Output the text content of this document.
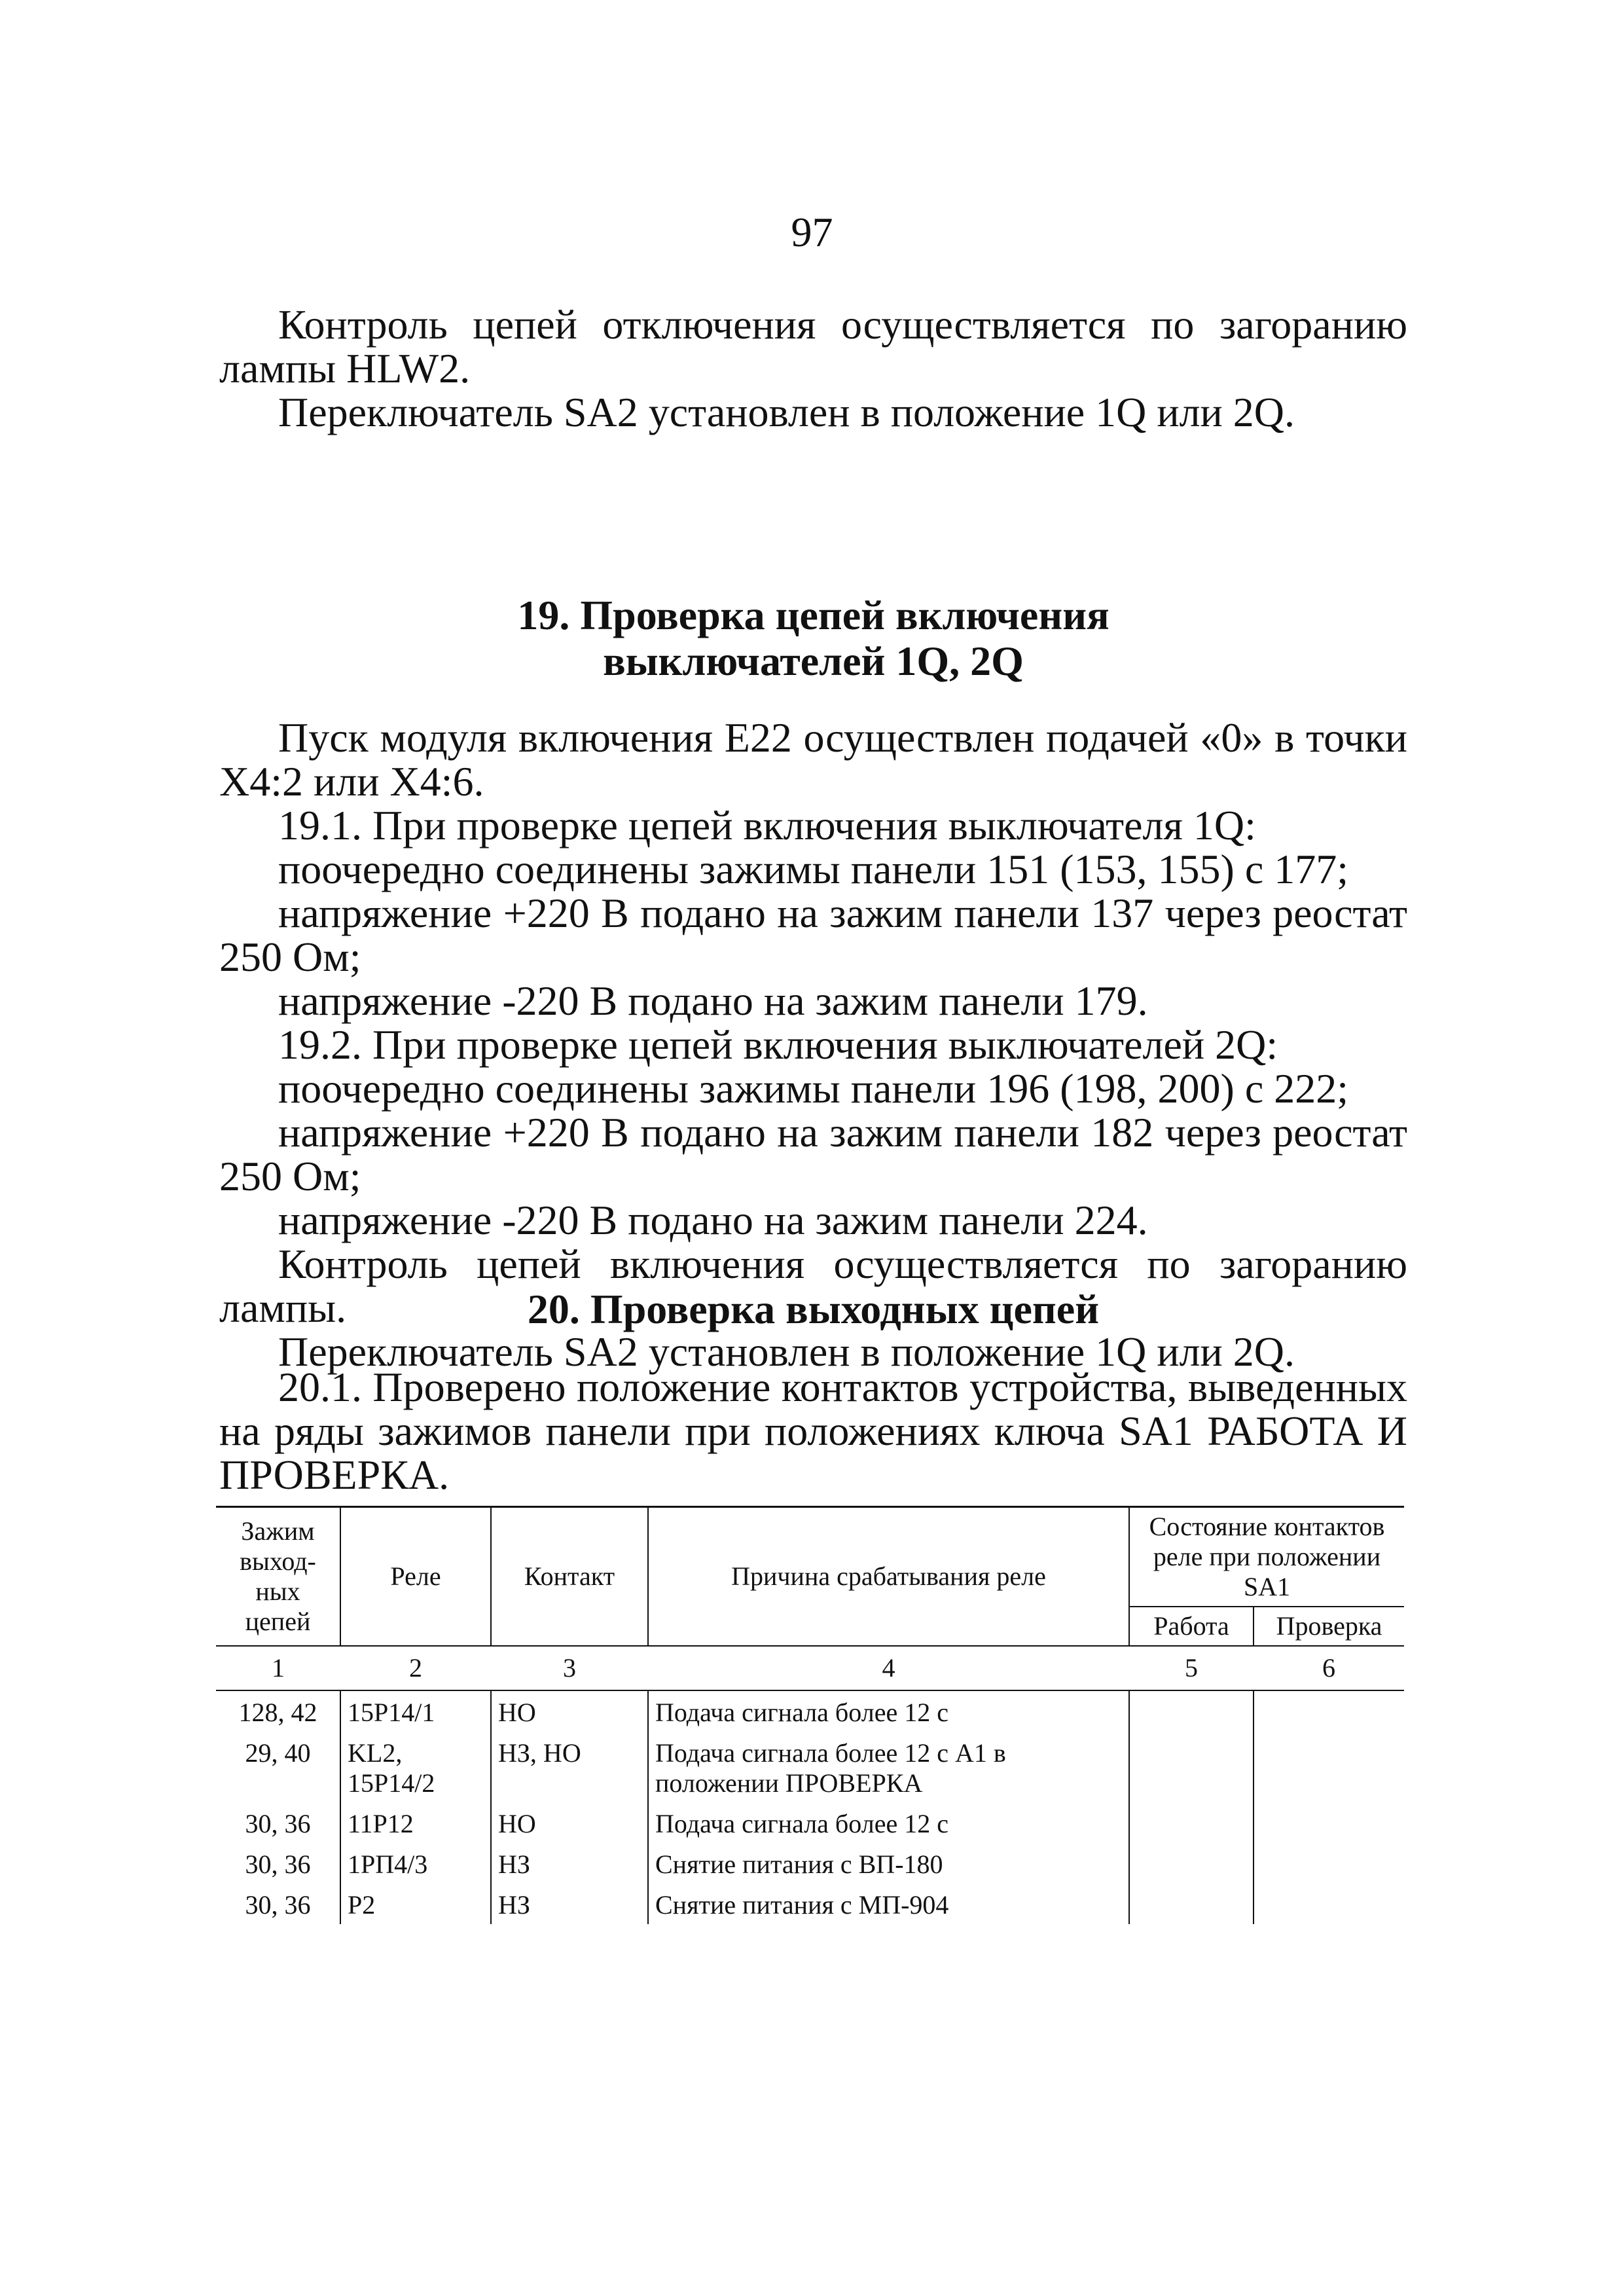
97

Контроль цепей отключения осуществляется по загоранию лампы HLW2.

Переключатель SA2 установлен в положение 1Q или 2Q.

19. Проверка цепей включения

выключателей 1Q, 2Q

Пуск модуля включения E22 осуществлен подачей «0» в точки X4:2 или X4:6.

19.1. При проверке цепей включения выключателя 1Q:

поочередно соединены зажимы панели 151 (153, 155) с 177;

напряжение +220 В подано на зажим панели 137 через реостат 250 Ом;

напряжение -220 В подано на зажим панели 179.

19.2. При проверке цепей включения выключателей 2Q:

поочередно соединены зажимы панели 196 (198, 200) с 222;

напряжение +220 В подано на зажим панели 182 через реостат 250 Ом;

напряжение -220 В подано на зажим панели 224.

Контроль цепей включения осуществляется по загоранию лампы.

Переключатель SA2 установлен в положение 1Q или 2Q.

20. Проверка выходных цепей

20.1. Проверено положение контактов устройства, выведенных на ряды зажимов панели при положениях ключа SA1 РАБОТА И ПРОВЕРКА.

Зажим выход-ных цепей	Реле	Контакт	Причина срабатывания реле	Состояние контактов реле при положении SA1	
				Работа	Проверка
1	2	3	4	5	6
128, 42	15P14/1	НО	Подача сигнала более 12 с		
29, 40	KL2, 15P14/2	НЗ, НО	Подача сигнала более 12 с А1 в положении ПРОВЕРКА		
30, 36	11P12	НО	Подача сигнала более 12 с		
30, 36	1РП4/3	НЗ	Снятие питания с ВП-180		
30, 36	Р2	НЗ	Снятие питания с МП-904		
